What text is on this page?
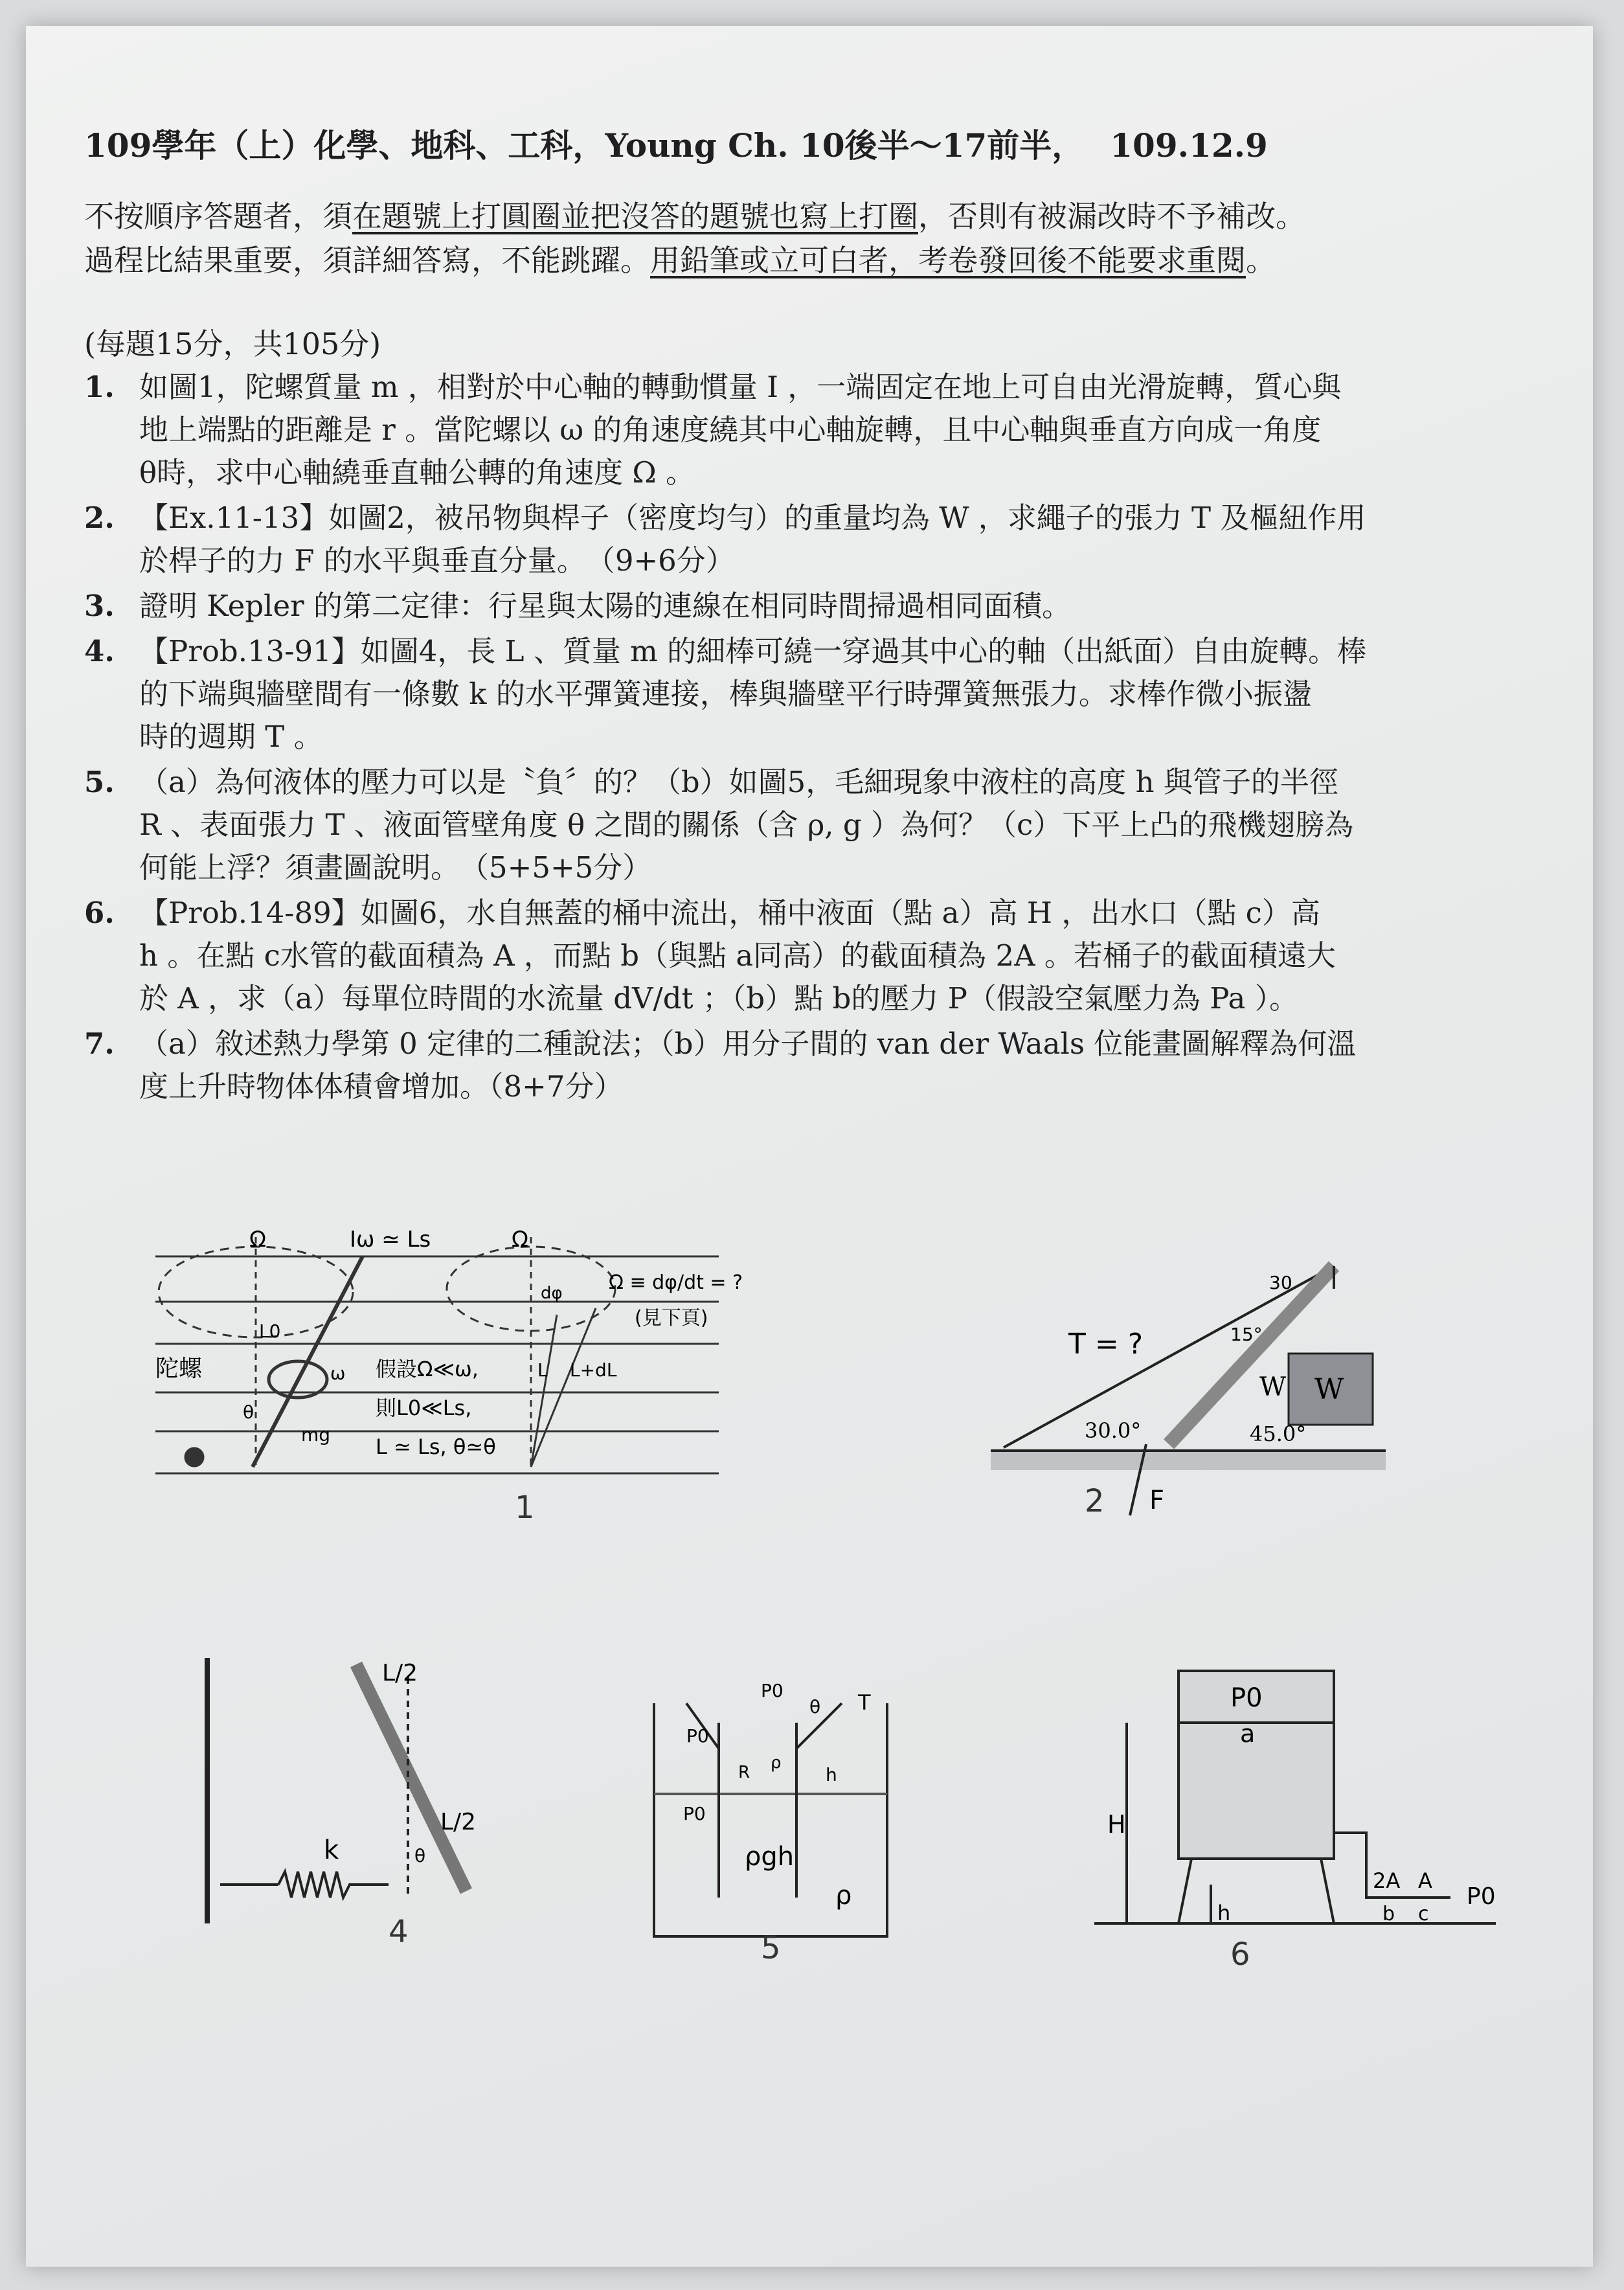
109學年（上）化學、地科、工科，Young Ch. 10後半～17前半， 109.12.9
不按順序答題者，須在題號上打圓圈並把沒答的題號也寫上打圈，否則有被漏改時不予補改。
過程比結果重要，須詳細答寫，不能跳躍。用鉛筆或立可白者，考卷發回後不能要求重閱。
(每題15分，共105分)
1. 如圖1，陀螺質量 m ，相對於中心軸的轉動慣量 I ，一端固定在地上可自由光滑旋轉，質心與
地上端點的距離是 r 。當陀螺以 ω 的角速度繞其中心軸旋轉，且中心軸與垂直方向成一角度
θ時，求中心軸繞垂直軸公轉的角速度 Ω 。
2. 【Ex.11-13】如圖2，被吊物與桿子（密度均勻）的重量均為 W ，求繩子的張力 T 及樞紐作用
於桿子的力 F 的水平與垂直分量。　（9+6分）
3. 證明 Kepler 的第二定律：行星與太陽的連線在相同時間掃過相同面積。
4. 【Prob.13-91】如圖4，長 L 、質量 m 的細棒可繞一穿過其中心的軸（出紙面）自由旋轉。棒
的下端與牆壁間有一條數 k 的水平彈簧連接，棒與牆壁平行時彈簧無張力。求棒作微小振盪
時的週期 T 。
5. （a）為何液体的壓力可以是〝負〞的？（b）如圖5，毛細現象中液柱的高度 h 與管子的半徑
R 、表面張力 T 、液面管壁角度 θ 之間的關係（含 ρ, g ）為何？（c）下平上凸的飛機翅膀為
何能上浮？須畫圖說明。　（5+5+5分）
6. 【Prob.14-89】如圖6，水自無蓋的桶中流出，桶中液面（點 a）高 H ，出水口（點 c）高
h 。在點 c水管的截面積為 A ，而點 b（與點 a同高）的截面積為 2A 。若桶子的截面積遠大
於 A ，求（a）每單位時間的水流量 dV/dt ；（b）點 b的壓力 P（假設空氣壓力為 Pa ）。
7. （a）敘述熱力學第 0 定律的二種說法；（b）用分子間的 van der Waals 位能畫圖解釋為何溫
度上升時物体体積會增加。（8+7分）
Ω	Ω
Iω ≃ Ls
Ω ≡ dφ/dt = ?
(見下頁)
陀螺
L0
ω 假設Ω≪ω,
則L0≪Ls,
L ≃ Ls, θ≃θ
mg
θ
dφ
L L+dL
1
T = ?
30.0°	45.0°
W W
F
15°
30
2
L/2
L/2
k	θ
4
P0
P0
P0	T
θ
h
R ρ
ρgh
ρ
5
P0
a
H
2A A
P0
h	b c
6
